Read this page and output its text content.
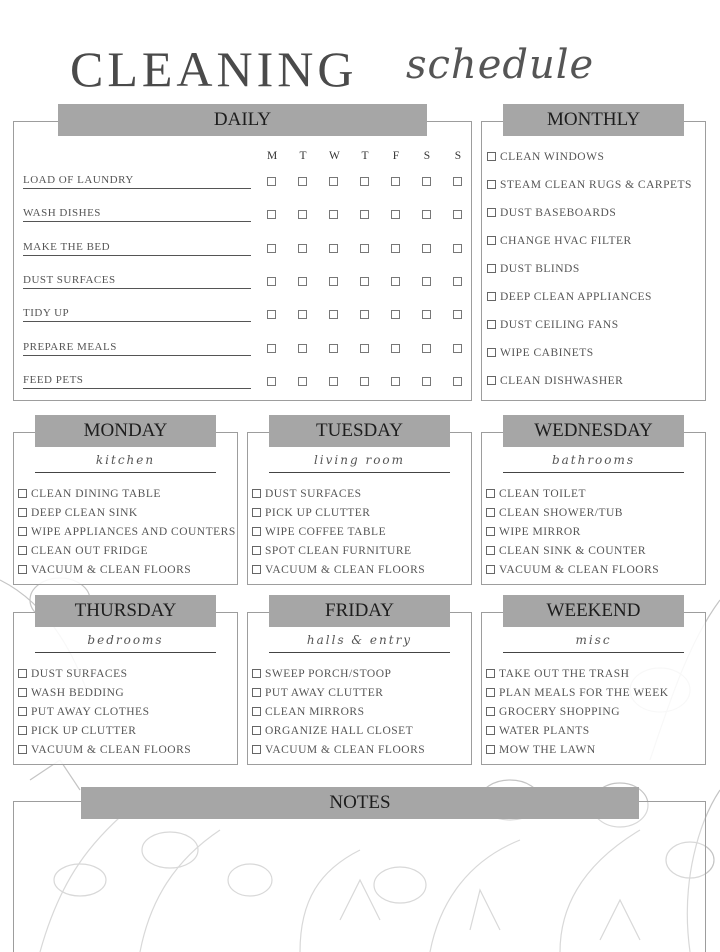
CLEANING schedule
DAILY
M T W T F S S
LOAD OF LAUNDRY
WASH DISHES
MAKE THE BED
DUST SURFACES
TIDY UP
PREPARE MEALS
FEED PETS
MONTHLY
CLEAN WINDOWS
STEAM CLEAN RUGS & CARPETS
DUST BASEBOARDS
CHANGE HVAC FILTER
DUST BLINDS
DEEP CLEAN APPLIANCES
DUST CEILING FANS
WIPE CABINETS
CLEAN DISHWASHER
MONDAY
kitchen
CLEAN DINING TABLE
DEEP CLEAN SINK
WIPE APPLIANCES AND COUNTERS
CLEAN OUT FRIDGE
VACUUM & CLEAN FLOORS
TUESDAY
living room
DUST SURFACES
PICK UP CLUTTER
WIPE COFFEE TABLE
SPOT CLEAN FURNITURE
VACUUM & CLEAN FLOORS
WEDNESDAY
bathrooms
CLEAN TOILET
CLEAN SHOWER/TUB
WIPE MIRROR
CLEAN SINK & COUNTER
VACUUM & CLEAN FLOORS
THURSDAY
bedrooms
DUST SURFACES
WASH BEDDING
PUT AWAY CLOTHES
PICK UP CLUTTER
VACUUM & CLEAN FLOORS
FRIDAY
halls & entry
SWEEP PORCH/STOOP
PUT AWAY CLUTTER
CLEAN MIRRORS
ORGANIZE HALL CLOSET
VACUUM & CLEAN FLOORS
WEEKEND
misc
TAKE OUT THE TRASH
PLAN MEALS FOR THE WEEK
GROCERY SHOPPING
WATER PLANTS
MOW THE LAWN
NOTES
